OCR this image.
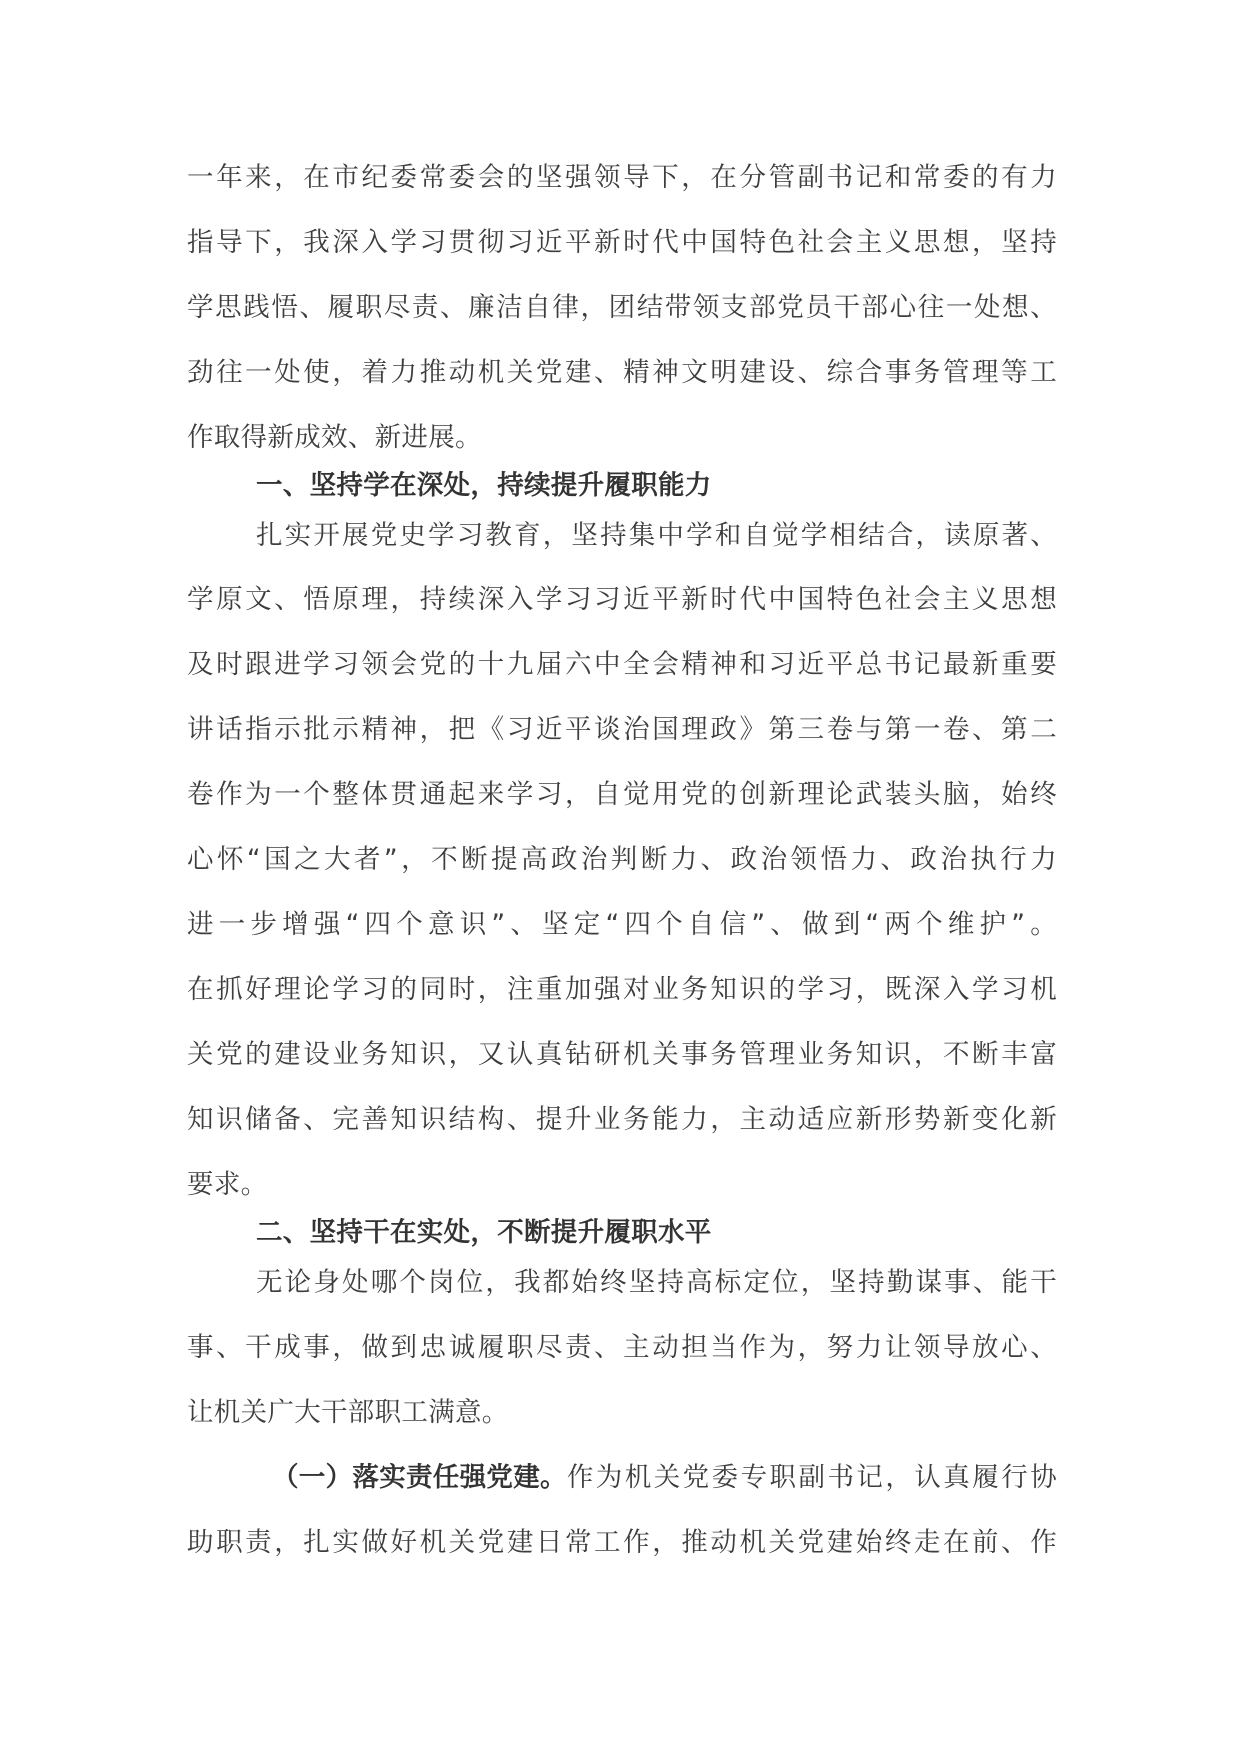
一年来，在市纪委常委会的坚强领导下，在分管副书记和常委的有力
指导下，我深入学习贯彻习近平新时代中国特色社会主义思想，坚持
学思践悟、履职尽责、廉洁自律，团结带领支部党员干部心往一处想、
劲往一处使，着力推动机关党建、精神文明建设、综合事务管理等工
作取得新成效、新进展。
一、坚持学在深处，持续提升履职能力
扎实开展党史学习教育，坚持集中学和自觉学相结合，读原著、
学原文、悟原理，持续深入学习习近平新时代中国特色社会主义思想
及时跟进学习领会党的十九届六中全会精神和习近平总书记最新重要
讲话指示批示精神，把《习近平谈治国理政》第三卷与第一卷、第二
卷作为一个整体贯通起来学习，自觉用党的创新理论武装头脑，始终
心怀“国之大者”，不断提高政治判断力、政治领悟力、政治执行力
进一步增强“四个意识”、坚定“四个自信”、做到“两个维护”。
在抓好理论学习的同时，注重加强对业务知识的学习，既深入学习机
关党的建设业务知识，又认真钻研机关事务管理业务知识，不断丰富
知识储备、完善知识结构、提升业务能力，主动适应新形势新变化新
要求。
二、坚持干在实处，不断提升履职水平
无论身处哪个岗位，我都始终坚持高标定位，坚持勤谋事、能干
事、干成事，做到忠诚履职尽责、主动担当作为，努力让领导放心、
让机关广大干部职工满意。
（一）落实责任强党建。 作为机关党委专职副书记，认真履行协
助职责，扎实做好机关党建日常工作，推动机关党建始终走在前、作
